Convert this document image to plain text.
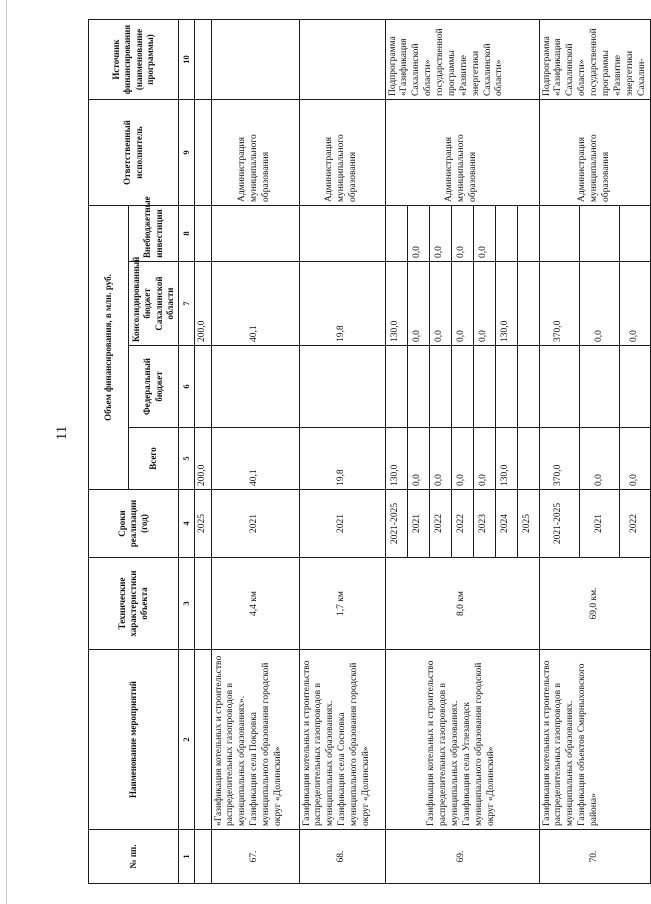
11
№ пп.	Наименование мероприятий	Технические характеристики объекта	Сроки реализации (год)	Объем финансирования, в млн. руб.				Ответственный исполнитель	Источник финансирования (наименование программы)
				Всего	Федеральный бюджет	Консолидированный бюджет Сахалинской области	Внебюджетные инвестиции		
1	2	3	4	5	6	7	8	9	10
			2025	200,0		200,0			
67.	«Газификация котельных и строительство распределительных газопроводов в муниципальных образованиях». Газификация села Покровка муниципального образования городской округ «Долинский»	4,4 км	2021	40,1		40,1		Администрация муниципального образования	
68.	Газификация котельных и строительство распределительных газопроводов в муниципальных образованиях. Газификация села Сосновка муниципального образования городской округ «Долинский»	1,7 км	2021	19,8		19,8		Администрация муниципального образования	
69.	Газификация котельных и строительство распределительных газопроводов в муниципальных образованиях. Газификация села Углезаводск муниципального образования городской округ «Долинский»	8,0 км	2021-2025	130,0		130,0		Администрация муниципального образования	Подпрограмма «Газификация Сахалинской области» государственной программы «Развитие энергетики Сахалинской области»
			2021	0,0		0,0	0,0		
			2022	0,0		0,0	0,0		
			2022	0,0		0,0	0,0		
			2023	0,0		0,0	0,0		
			2024	130,0		130,0			
			2025						
70.	Газификация котельных и строительство распределительных газопроводов в муниципальных образованиях. Газификация объектов Смирныховского района»	69,0 км.	2021-2025	370,0		370,0		Администрация муниципального образования	Подпрограмма «Газификация Сахалинской области» государственной программы «Развитие энергетики Сахалин-
			2021	0,0		0,0			
			2022	0,0		0,0			
